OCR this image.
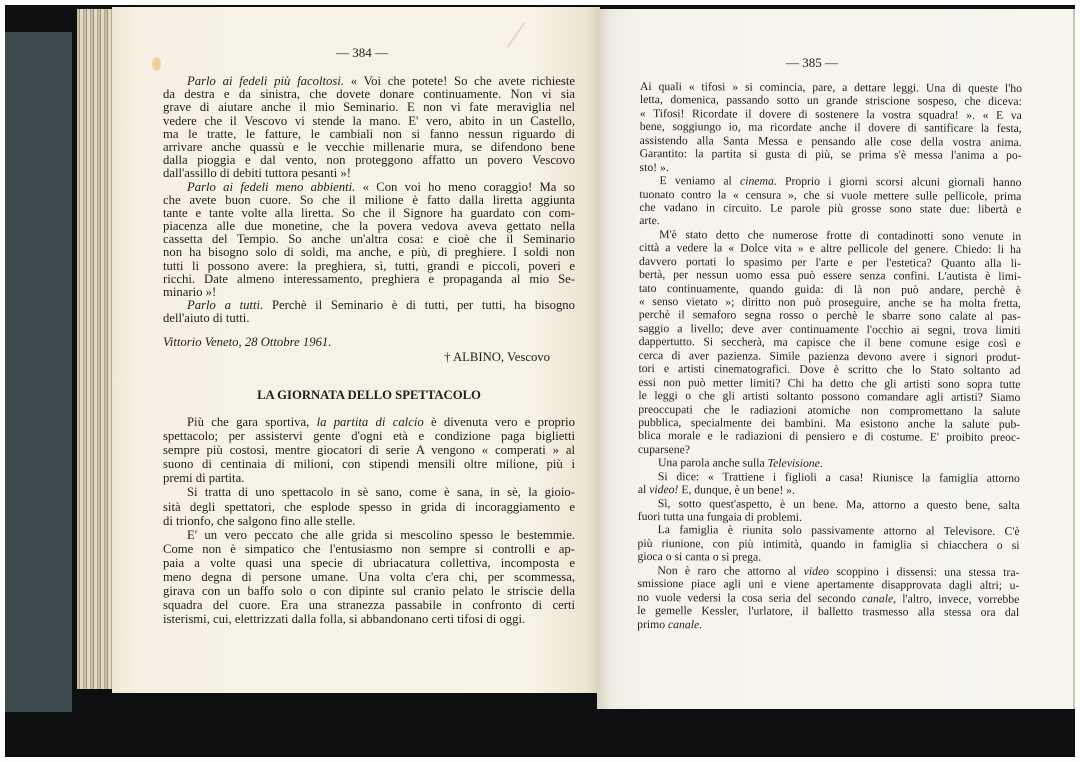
— 384 —
— 385 —
Parlo ai fedeli più facoltosi. « Voi che potete! So che avete richieste
da destra e da sinistra, che dovete donare continuamente. Non vi sia
grave di aiutare anche il mio Seminario. E non vi fate meraviglia nel
vedere che il Vescovo vi stende la mano. E' vero, abito in un Castello,
ma le tratte, le fatture, le cambiali non si fanno nessun riguardo di
arrivare anche quassù e le vecchie millenarie mura, se difendono bene
dalla pioggia e dal vento, non proteggono affatto un povero Vescovo
dall'assillo di debiti tuttora pesanti »!
Parlo ai fedeli meno abbienti. « Con voi ho meno coraggio! Ma so
che avete buon cuore. So che il milione è fatto dalla liretta aggiunta
tante e tante volte alla liretta. So che il Signore ha guardato con com-
piacenza alle due monetine, che la povera vedova aveva gettato nella
cassetta del Tempio. So anche un'altra cosa: e cioè che il Seminario
non ha bisogno solo di soldi, ma anche, e più, di preghiere. I soldi non
tutti li possono avere: la preghiera, sì, tutti, grandi e piccoli, poveri e
ricchi. Date almeno interessamento, preghiera e propaganda al mio Se-
minario »!
Parlo a tutti. Perchè il Seminario è di tutti, per tutti, ha bisogno
dell'aiuto di tutti.
Vittorio Veneto, 28 Ottobre 1961.
† ALBINO, Vescovo
LA GIORNATA DELLO SPETTACOLO
Più che gara sportiva, la partita di calcio è divenuta vero e proprio
spettacolo; per assistervi gente d'ogni età e condizione paga biglietti
sempre più costosi, mentre giocatori di serie A vengono « comperati » al
suono di centinaia di milioni, con stipendi mensili oltre milione, più i
premi di partita.
Si tratta di uno spettacolo in sè sano, come è sana, in sè, la gioio-
sità degli spettatori, che esplode spesso in grida di incoraggiamento e
di trionfo, che salgono fino alle stelle.
E' un vero peccato che alle grida si mescolino spesso le bestemmie.
Come non è simpatico che l'entusiasmo non sempre si controlli e ap-
paia a volte quasi una specie di ubriacatura collettiva, incomposta e
meno degna di persone umane. Una volta c'era chi, per scommessa,
girava con un baffo solo o con dipinte sul cranio pelato le striscie della
squadra del cuore. Era una stranezza passabile in confronto di certi
isterismi, cui, elettrizzati dalla folla, si abbandonano certi tifosi di oggi.
Ai quali « tifosi » si comincia, pare, a dettare leggi. Una di queste l'ho
letta, domenica, passando sotto un grande striscione sospeso, che diceva:
« Tifosi! Ricordate il dovere di sostenere la vostra squadra! ». « E va
bene, soggiungo io, ma ricordate anche il dovere di santificare la festa,
assistendo alla Santa Messa e pensando alle cose della vostra anima.
Garantito: la partita si gusta di più, se prima s'è messa l'anima a po-
sto! ».
E veniamo al cinema. Proprio i giorni scorsi alcuni giornali hanno
tuonato contro la « censura », che si vuole mettere sulle pellicole, prima
che vadano in circuito. Le parole più grosse sono state due: libertà e
arte.
M'è stato detto che numerose frotte di contadinotti sono venute in
città a vedere la « Dolce vita » e altre pellicole del genere. Chiedo: li ha
davvero portati lo spasimo per l'arte e per l'estetica? Quanto alla li-
bertà, per nessun uomo essa può essere senza confini. L'autista è limi-
tato continuamente, quando guida: di là non può andare, perchè è
« senso vietato »; diritto non può proseguire, anche se ha molta fretta,
perchè il semaforo segna rosso o perchè le sbarre sono calate al pas-
saggio a livello; deve aver continuamente l'occhio ai segni, trova limiti
dappertutto. Si seccherà, ma capisce che il bene comune esige così e
cerca di aver pazienza. Simile pazienza devono avere i signori produt-
tori e artisti cinematografici. Dove è scritto che lo Stato soltanto ad
essi non può metter limiti? Chi ha detto che gli artisti sono sopra tutte
le leggi o che gli artisti soltanto possono comandare agli artisti? Siamo
preoccupati che le radiazioni atomiche non compromettano la salute
pubblica, specialmente dei bambini. Ma esistono anche la salute pub-
blica morale e le radiazioni di pensiero e di costume. E' proibito preoc-
cuparsene?
Una parola anche sulla Televisione.
Si dice: « Trattiene i figlioli a casa! Riunisce la famiglia attorno
al video! E, dunque, è un bene! ».
Sì, sotto quest'aspetto, è un bene. Ma, attorno a questo bene, salta
fuori tutta una fungaia di problemi.
La famiglia è riunita solo passivamente attorno al Televisore. C'è
più riunione, con più intimità, quando in famiglia si chiacchera o si
gioca o si canta o si prega.
Non è raro che attorno al video scoppino i dissensi: una stessa tra-
smissione piace agli uni e viene apertamente disapprovata dagli altri; u-
no vuole vedersi la cosa seria del secondo canale, l'altro, invece, vorrebbe
le gemelle Kessler, l'urlatore, il balletto trasmesso alla stessa ora dal
primo canale.
